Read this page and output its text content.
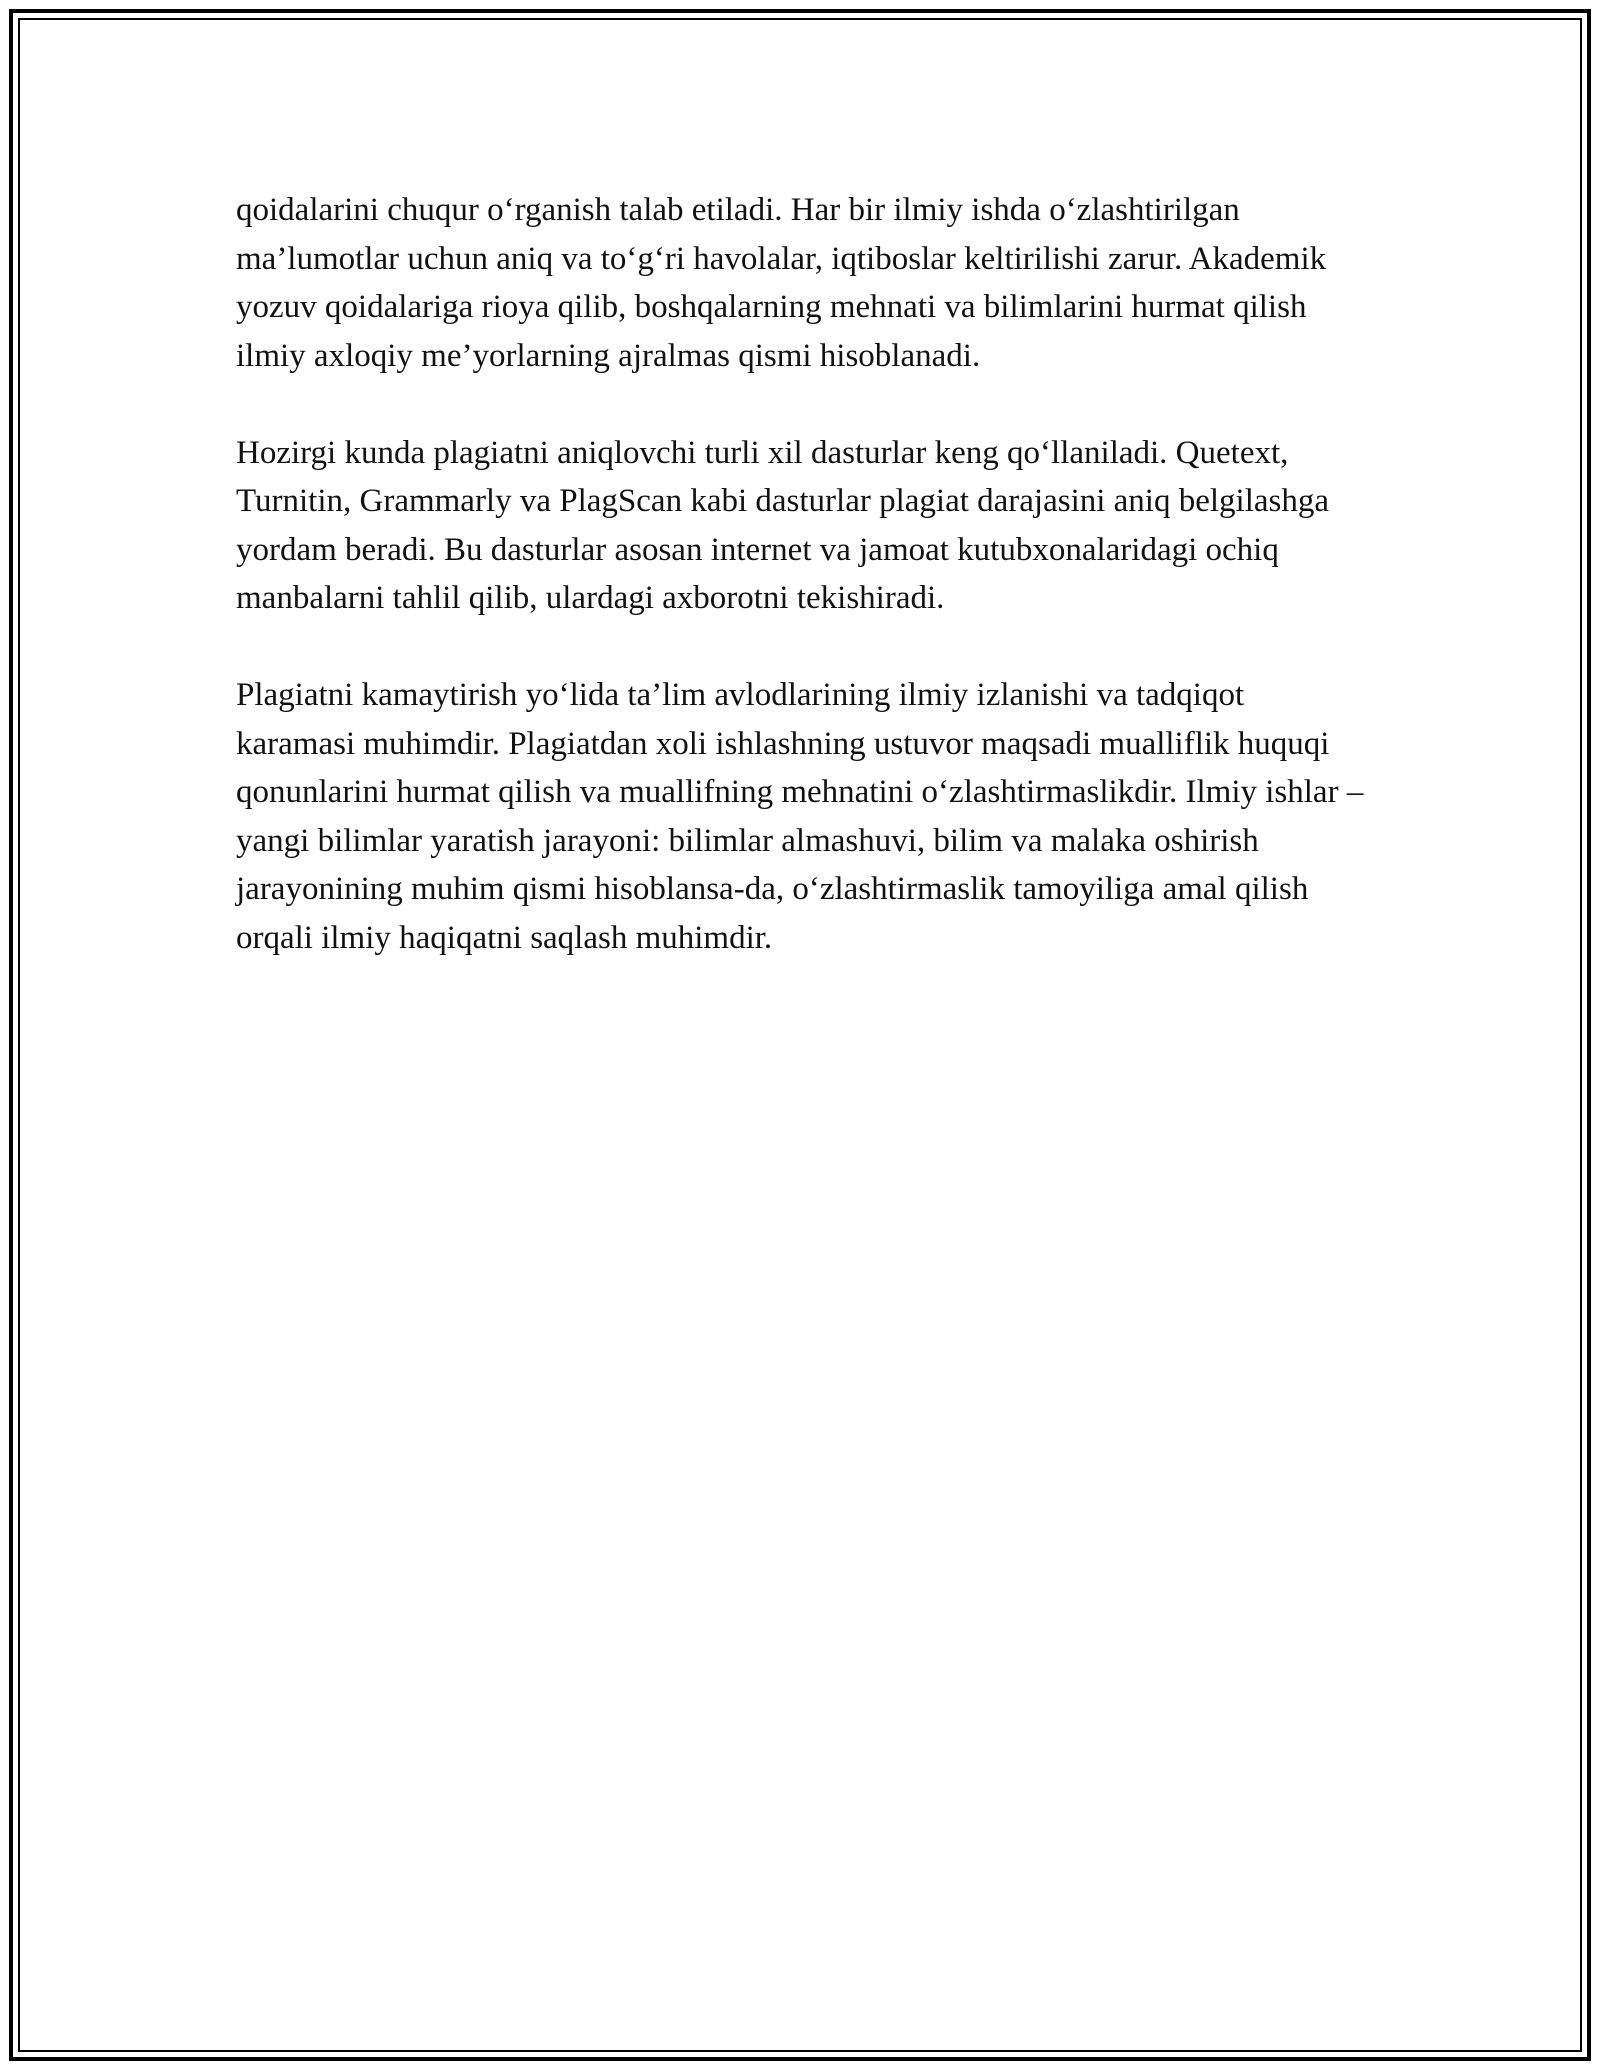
qoidalarini chuqur o‘rganish talab etiladi. Har bir ilmiy ishda o‘zlashtirilgan ma’lumotlar uchun aniq va to‘g‘ri havolalar, iqtiboslar keltirilishi zarur. Akademik yozuv qoidalariga rioya qilib, boshqalarning mehnati va bilimlarini hurmat qilish ilmiy axloqiy me’yorlarning ajralmas qismi hisoblanadi.

Hozirgi kunda plagiatni aniqlovchi turli xil dasturlar keng qo‘llaniladi. Quetext, Turnitin, Grammarly va PlagScan kabi dasturlar plagiat darajasini aniq belgilashga yordam beradi. Bu dasturlar asosan internet va jamoat kutubxonalaridagi ochiq manbalarni tahlil qilib, ulardagi axborotni tekishiradi.

Plagiatni kamaytirish yo‘lida ta’lim avlodlarining ilmiy izlanishi va tadqiqot karamasi muhimdir. Plagiatdan xoli ishlashning ustuvor maqsadi mualliflik huquqi qonunlarini hurmat qilish va muallifning mehnatini o‘zlashtirmaslikdir. Ilmiy ishlar – yangi bilimlar yaratish jarayoni: bilimlar almashuvi, bilim va malaka oshirish jarayonining muhim qismi hisoblansa-da, o‘zlashtirmaslik tamoyiliga amal qilish orqali ilmiy haqiqatni saqlash muhimdir.
